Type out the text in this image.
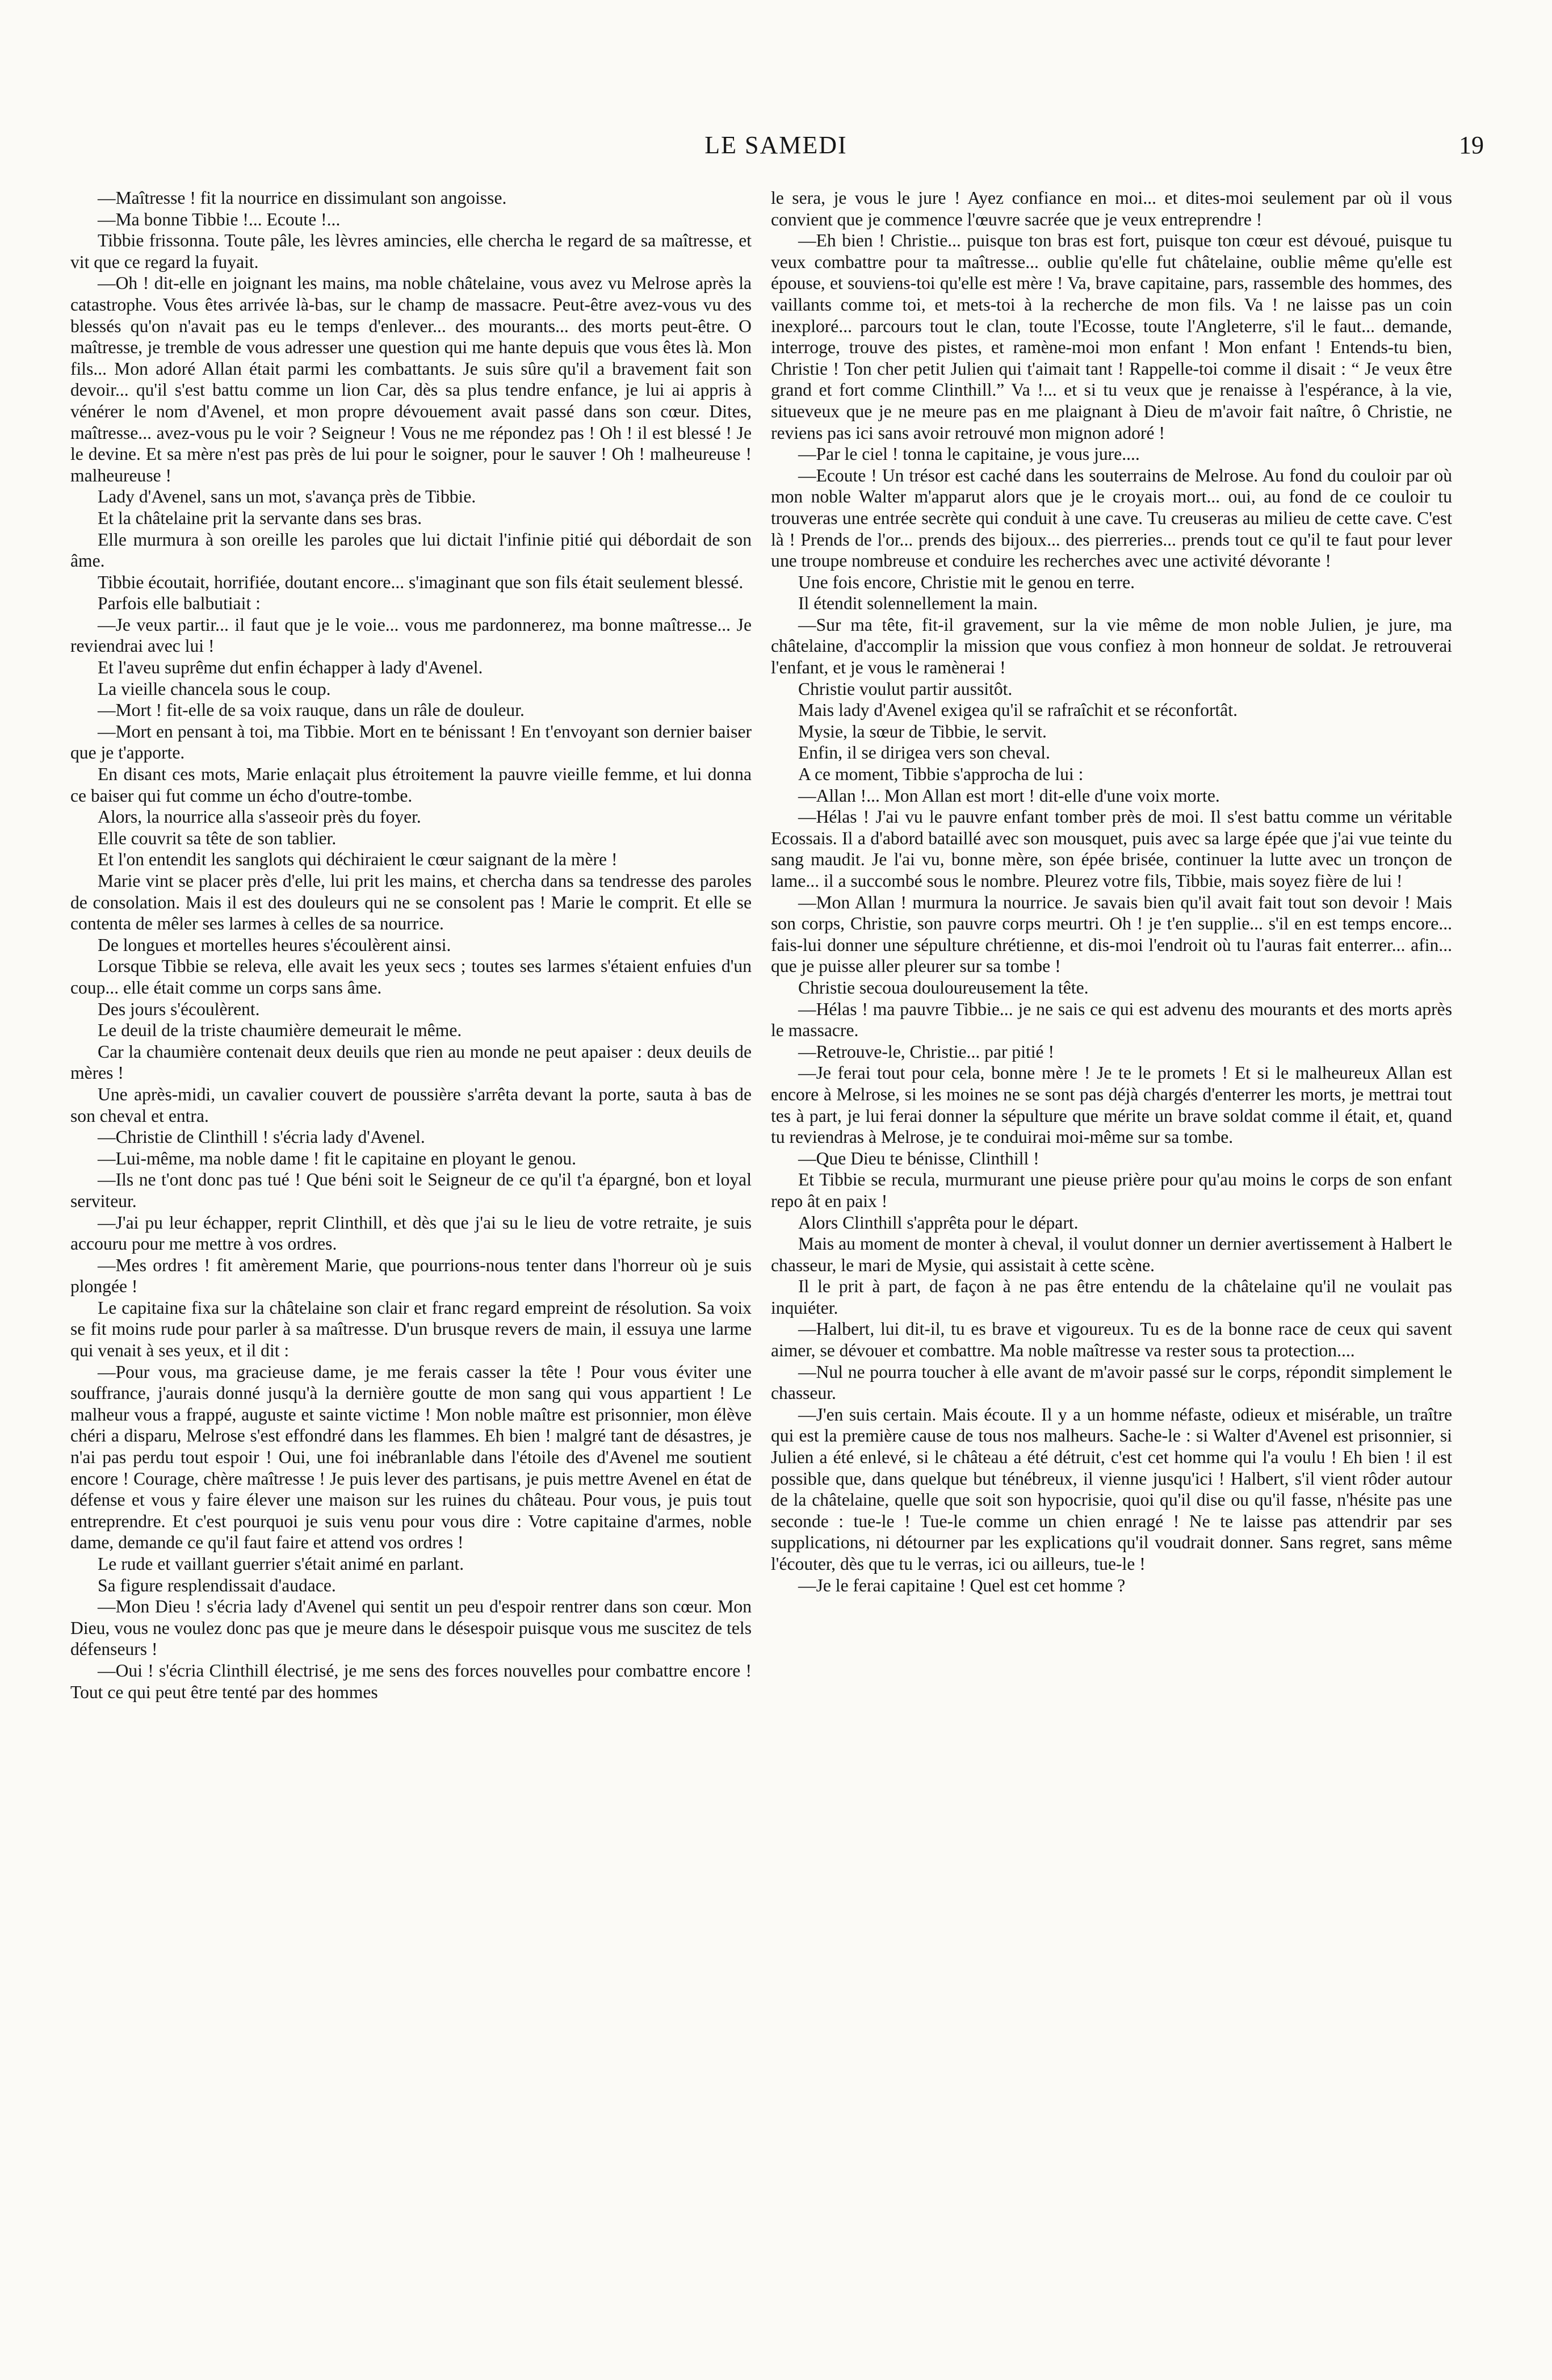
LE SAMEDI	19

—Maîtresse ! fit la nourrice en dissimulant son angoisse.

—Ma bonne Tibbie !... Ecoute !...

Tibbie frissonna. Toute pâle, les lèvres amincies, elle chercha le regard de sa maîtresse, et vit que ce regard la fuyait.

—Oh ! dit-elle en joignant les mains, ma noble châtelaine, vous avez vu Melrose après la catastrophe. Vous êtes arrivée là-bas, sur le champ de massacre. Peut-être avez-vous vu des blessés qu'on n'avait pas eu le temps d'enlever... des mourants... des morts peut-être. O maîtresse, je tremble de vous adresser une question qui me hante depuis que vous êtes là. Mon fils... Mon adoré Allan était parmi les combattants. Je suis sûre qu'il a bravement fait son devoir... qu'il s'est battu comme un lion Car, dès sa plus tendre enfance, je lui ai appris à vénérer le nom d'Avenel, et mon propre dévouement avait passé dans son cœur. Dites, maîtresse... avez-vous pu le voir ? Seigneur ! Vous ne me répondez pas ! Oh ! il est blessé ! Je le devine. Et sa mère n'est pas près de lui pour le soigner, pour le sauver ! Oh ! malheureuse ! malheureuse !

Lady d'Avenel, sans un mot, s'avança près de Tibbie.

Et la châtelaine prit la servante dans ses bras.

Elle murmura à son oreille les paroles que lui dictait l'infinie pitié qui débordait de son âme.

Tibbie écoutait, horrifiée, doutant encore... s'imaginant que son fils était seulement blessé.

Parfois elle balbutiait :

—Je veux partir... il faut que je le voie... vous me pardonnerez, ma bonne maîtresse... Je reviendrai avec lui !

Et l'aveu suprême dut enfin échapper à lady d'Avenel.

La vieille chancela sous le coup.

—Mort ! fit-elle de sa voix rauque, dans un râle de douleur.

—Mort en pensant à toi, ma Tibbie. Mort en te bénissant ! En t'envoyant son dernier baiser que je t'apporte.

En disant ces mots, Marie enlaçait plus étroitement la pauvre vieille femme, et lui donna ce baiser qui fut comme un écho d'outre-tombe.

Alors, la nourrice alla s'asseoir près du foyer.

Elle couvrit sa tête de son tablier.

Et l'on entendit les sanglots qui déchiraient le cœur saignant de la mère !

Marie vint se placer près d'elle, lui prit les mains, et chercha dans sa tendresse des paroles de consolation. Mais il est des douleurs qui ne se consolent pas ! Marie le comprit. Et elle se contenta de mêler ses larmes à celles de sa nourrice.

De longues et mortelles heures s'écoulèrent ainsi.

Lorsque Tibbie se releva, elle avait les yeux secs ; toutes ses larmes s'étaient enfuies d'un coup... elle était comme un corps sans âme.

Des jours s'écoulèrent.

Le deuil de la triste chaumière demeurait le même.

Car la chaumière contenait deux deuils que rien au monde ne peut apaiser : deux deuils de mères !

Une après-midi, un cavalier couvert de poussière s'arrêta devant la porte, sauta à bas de son cheval et entra.

—Christie de Clinthill ! s'écria lady d'Avenel.

—Lui-même, ma noble dame ! fit le capitaine en ployant le genou.

—Ils ne t'ont donc pas tué ! Que béni soit le Seigneur de ce qu'il t'a épargné, bon et loyal serviteur.

—J'ai pu leur échapper, reprit Clinthill, et dès que j'ai su le lieu de votre retraite, je suis accouru pour me mettre à vos ordres.

—Mes ordres ! fit amèrement Marie, que pourrions-nous tenter dans l'horreur où je suis plongée !

Le capitaine fixa sur la châtelaine son clair et franc regard empreint de résolution. Sa voix se fit moins rude pour parler à sa maîtresse. D'un brusque revers de main, il essuya une larme qui venait à ses yeux, et il dit :

—Pour vous, ma gracieuse dame, je me ferais casser la tête ! Pour vous éviter une souffrance, j'aurais donné jusqu'à la dernière goutte de mon sang qui vous appartient ! Le malheur vous a frappé, auguste et sainte victime ! Mon noble maître est prisonnier, mon élève chéri a disparu, Melrose s'est effondré dans les flammes. Eh bien ! malgré tant de désastres, je n'ai pas perdu tout espoir ! Oui, une foi inébranlable dans l'étoile des d'Avenel me soutient encore ! Courage, chère maîtresse ! Je puis lever des partisans, je puis mettre Avenel en état de défense et vous y faire élever une maison sur les ruines du château. Pour vous, je puis tout entreprendre. Et c'est pourquoi je suis venu pour vous dire : Votre capitaine d'armes, noble dame, demande ce qu'il faut faire et attend vos ordres !

Le rude et vaillant guerrier s'était animé en parlant.

Sa figure resplendissait d'audace.

—Mon Dieu ! s'écria lady d'Avenel qui sentit un peu d'espoir rentrer dans son cœur. Mon Dieu, vous ne voulez donc pas que je meure dans le désespoir puisque vous me suscitez de tels défenseurs !

—Oui ! s'écria Clinthill électrisé, je me sens des forces nouvelles pour combattre encore ! Tout ce qui peut être tenté par des hommes

le sera, je vous le jure ! Ayez confiance en moi... et dites-moi seulement par où il vous convient que je commence l'œuvre sacrée que je veux entreprendre !

—Eh bien ! Christie... puisque ton bras est fort, puisque ton cœur est dévoué, puisque tu veux combattre pour ta maîtresse... oublie qu'elle fut châtelaine, oublie même qu'elle est épouse, et souviens-toi qu'elle est mère ! Va, brave capitaine, pars, rassemble des hommes, des vaillants comme toi, et mets-toi à la recherche de mon fils. Va ! ne laisse pas un coin inexploré... parcours tout le clan, toute l'Ecosse, toute l'Angleterre, s'il le faut... demande, interroge, trouve des pistes, et ramène-moi mon enfant ! Mon enfant ! Entends-tu bien, Christie ! Ton cher petit Julien qui t'aimait tant ! Rappelle-toi comme il disait : “ Je veux être grand et fort comme Clinthill.” Va !... et si tu veux que je renaisse à l'espérance, à la vie, situeveux que je ne meure pas en me plaignant à Dieu de m'avoir fait naître, ô Christie, ne reviens pas ici sans avoir retrouvé mon mignon adoré !

—Par le ciel ! tonna le capitaine, je vous jure....

—Ecoute ! Un trésor est caché dans les souterrains de Melrose. Au fond du couloir par où mon noble Walter m'apparut alors que je le croyais mort... oui, au fond de ce couloir tu trouveras une entrée secrète qui conduit à une cave. Tu creuseras au milieu de cette cave. C'est là ! Prends de l'or... prends des bijoux... des pierreries... prends tout ce qu'il te faut pour lever une troupe nombreuse et conduire les recherches avec une activité dévorante !

Une fois encore, Christie mit le genou en terre.

Il étendit solennellement la main.

—Sur ma tête, fit-il gravement, sur la vie même de mon noble Julien, je jure, ma châtelaine, d'accomplir la mission que vous confiez à mon honneur de soldat. Je retrouverai l'enfant, et je vous le ramènerai !

Christie voulut partir aussitôt.

Mais lady d'Avenel exigea qu'il se rafraîchit et se réconfortât.

Mysie, la sœur de Tibbie, le servit.

Enfin, il se dirigea vers son cheval.

A ce moment, Tibbie s'approcha de lui :

—Allan !... Mon Allan est mort ! dit-elle d'une voix morte.

—Hélas ! J'ai vu le pauvre enfant tomber près de moi. Il s'est battu comme un véritable Ecossais. Il a d'abord bataillé avec son mousquet, puis avec sa large épée que j'ai vue teinte du sang maudit. Je l'ai vu, bonne mère, son épée brisée, continuer la lutte avec un tronçon de lame... il a succombé sous le nombre. Pleurez votre fils, Tibbie, mais soyez fière de lui !

—Mon Allan ! murmura la nourrice. Je savais bien qu'il avait fait tout son devoir ! Mais son corps, Christie, son pauvre corps meurtri. Oh ! je t'en supplie... s'il en est temps encore... fais-lui donner une sépulture chrétienne, et dis-moi l'endroit où tu l'auras fait enterrer... afin... que je puisse aller pleurer sur sa tombe !

Christie secoua douloureusement la tête.

—Hélas ! ma pauvre Tibbie... je ne sais ce qui est advenu des mourants et des morts après le massacre.

—Retrouve-le, Christie... par pitié !

—Je ferai tout pour cela, bonne mère ! Je te le promets ! Et si le malheureux Allan est encore à Melrose, si les moines ne se sont pas déjà chargés d'enterrer les morts, je mettrai tout tes à part, je lui ferai donner la sépulture que mérite un brave soldat comme il était, et, quand tu reviendras à Melrose, je te conduirai moi-même sur sa tombe.

—Que Dieu te bénisse, Clinthill !

Et Tibbie se recula, murmurant une pieuse prière pour qu'au moins le corps de son enfant repo ât en paix !

Alors Clinthill s'apprêta pour le départ.

Mais au moment de monter à cheval, il voulut donner un dernier avertissement à Halbert le chasseur, le mari de Mysie, qui assistait à cette scène.

Il le prit à part, de façon à ne pas être entendu de la châtelaine qu'il ne voulait pas inquiéter.

—Halbert, lui dit-il, tu es brave et vigoureux. Tu es de la bonne race de ceux qui savent aimer, se dévouer et combattre. Ma noble maîtresse va rester sous ta protection....

—Nul ne pourra toucher à elle avant de m'avoir passé sur le corps, répondit simplement le chasseur.

—J'en suis certain. Mais écoute. Il y a un homme néfaste, odieux et misérable, un traître qui est la première cause de tous nos malheurs. Sache-le : si Walter d'Avenel est prisonnier, si Julien a été enlevé, si le château a été détruit, c'est cet homme qui l'a voulu ! Eh bien ! il est possible que, dans quelque but ténébreux, il vienne jusqu'ici ! Halbert, s'il vient rôder autour de la châtelaine, quelle que soit son hypocrisie, quoi qu'il dise ou qu'il fasse, n'hésite pas une seconde : tue-le ! Tue-le comme un chien enragé ! Ne te laisse pas attendrir par ses supplications, ni détourner par les explications qu'il voudrait donner. Sans regret, sans même l'écouter, dès que tu le verras, ici ou ailleurs, tue-le !

—Je le ferai capitaine ! Quel est cet homme ?
